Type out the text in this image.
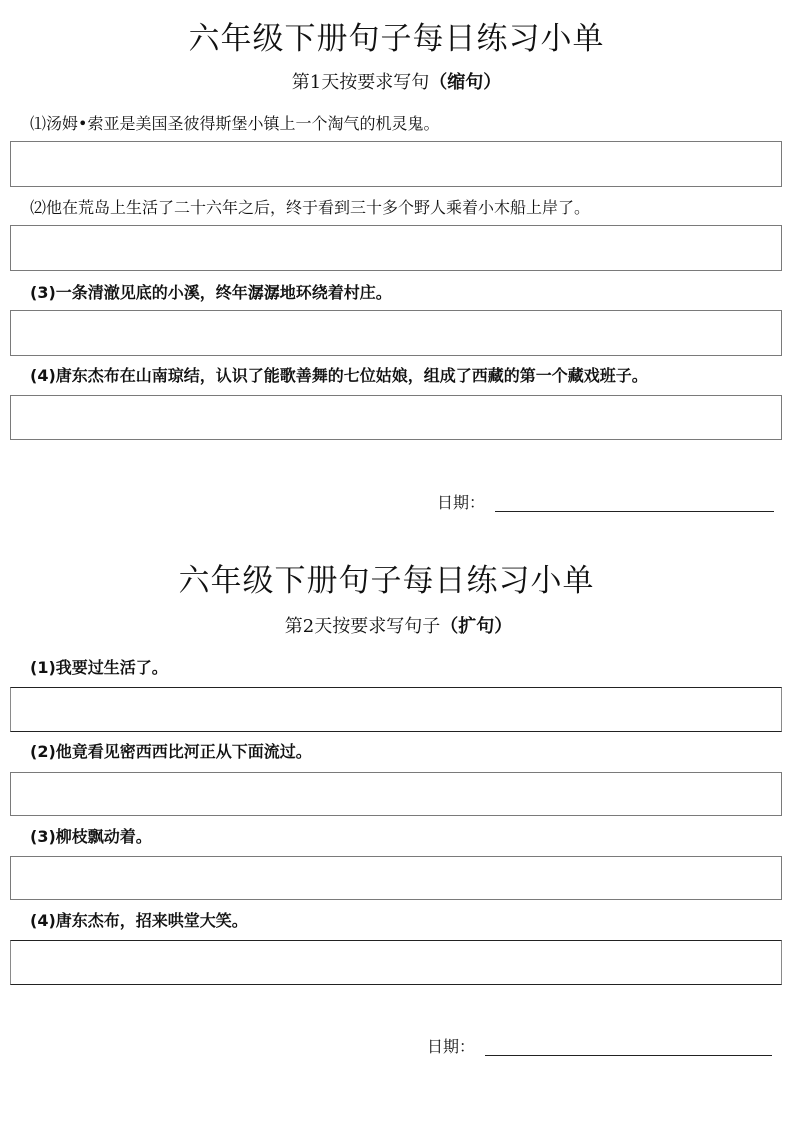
六年级下册句子每日练习小单
第1天按要求写句（缩句）
⑴汤姆•索亚是美国圣彼得斯堡小镇上一个淘气的机灵鬼。
⑵他在荒岛上生活了二十六年之后，终于看到三十多个野人乘着小木船上岸了。
(3)一条清澈见底的小溪，终年潺潺地环绕着村庄。
(4)唐东杰布在山南琼结，认识了能歌善舞的七位姑娘，组成了西藏的第一个藏戏班子。
日期：
六年级下册句子每日练习小单
第2天按要求写句子（扩句）
(1)我要过生活了。
(2)他竟看见密西西比河正从下面流过。
(3)柳枝飘动着。
(4)唐东杰布，招来哄堂大笑。
日期：
